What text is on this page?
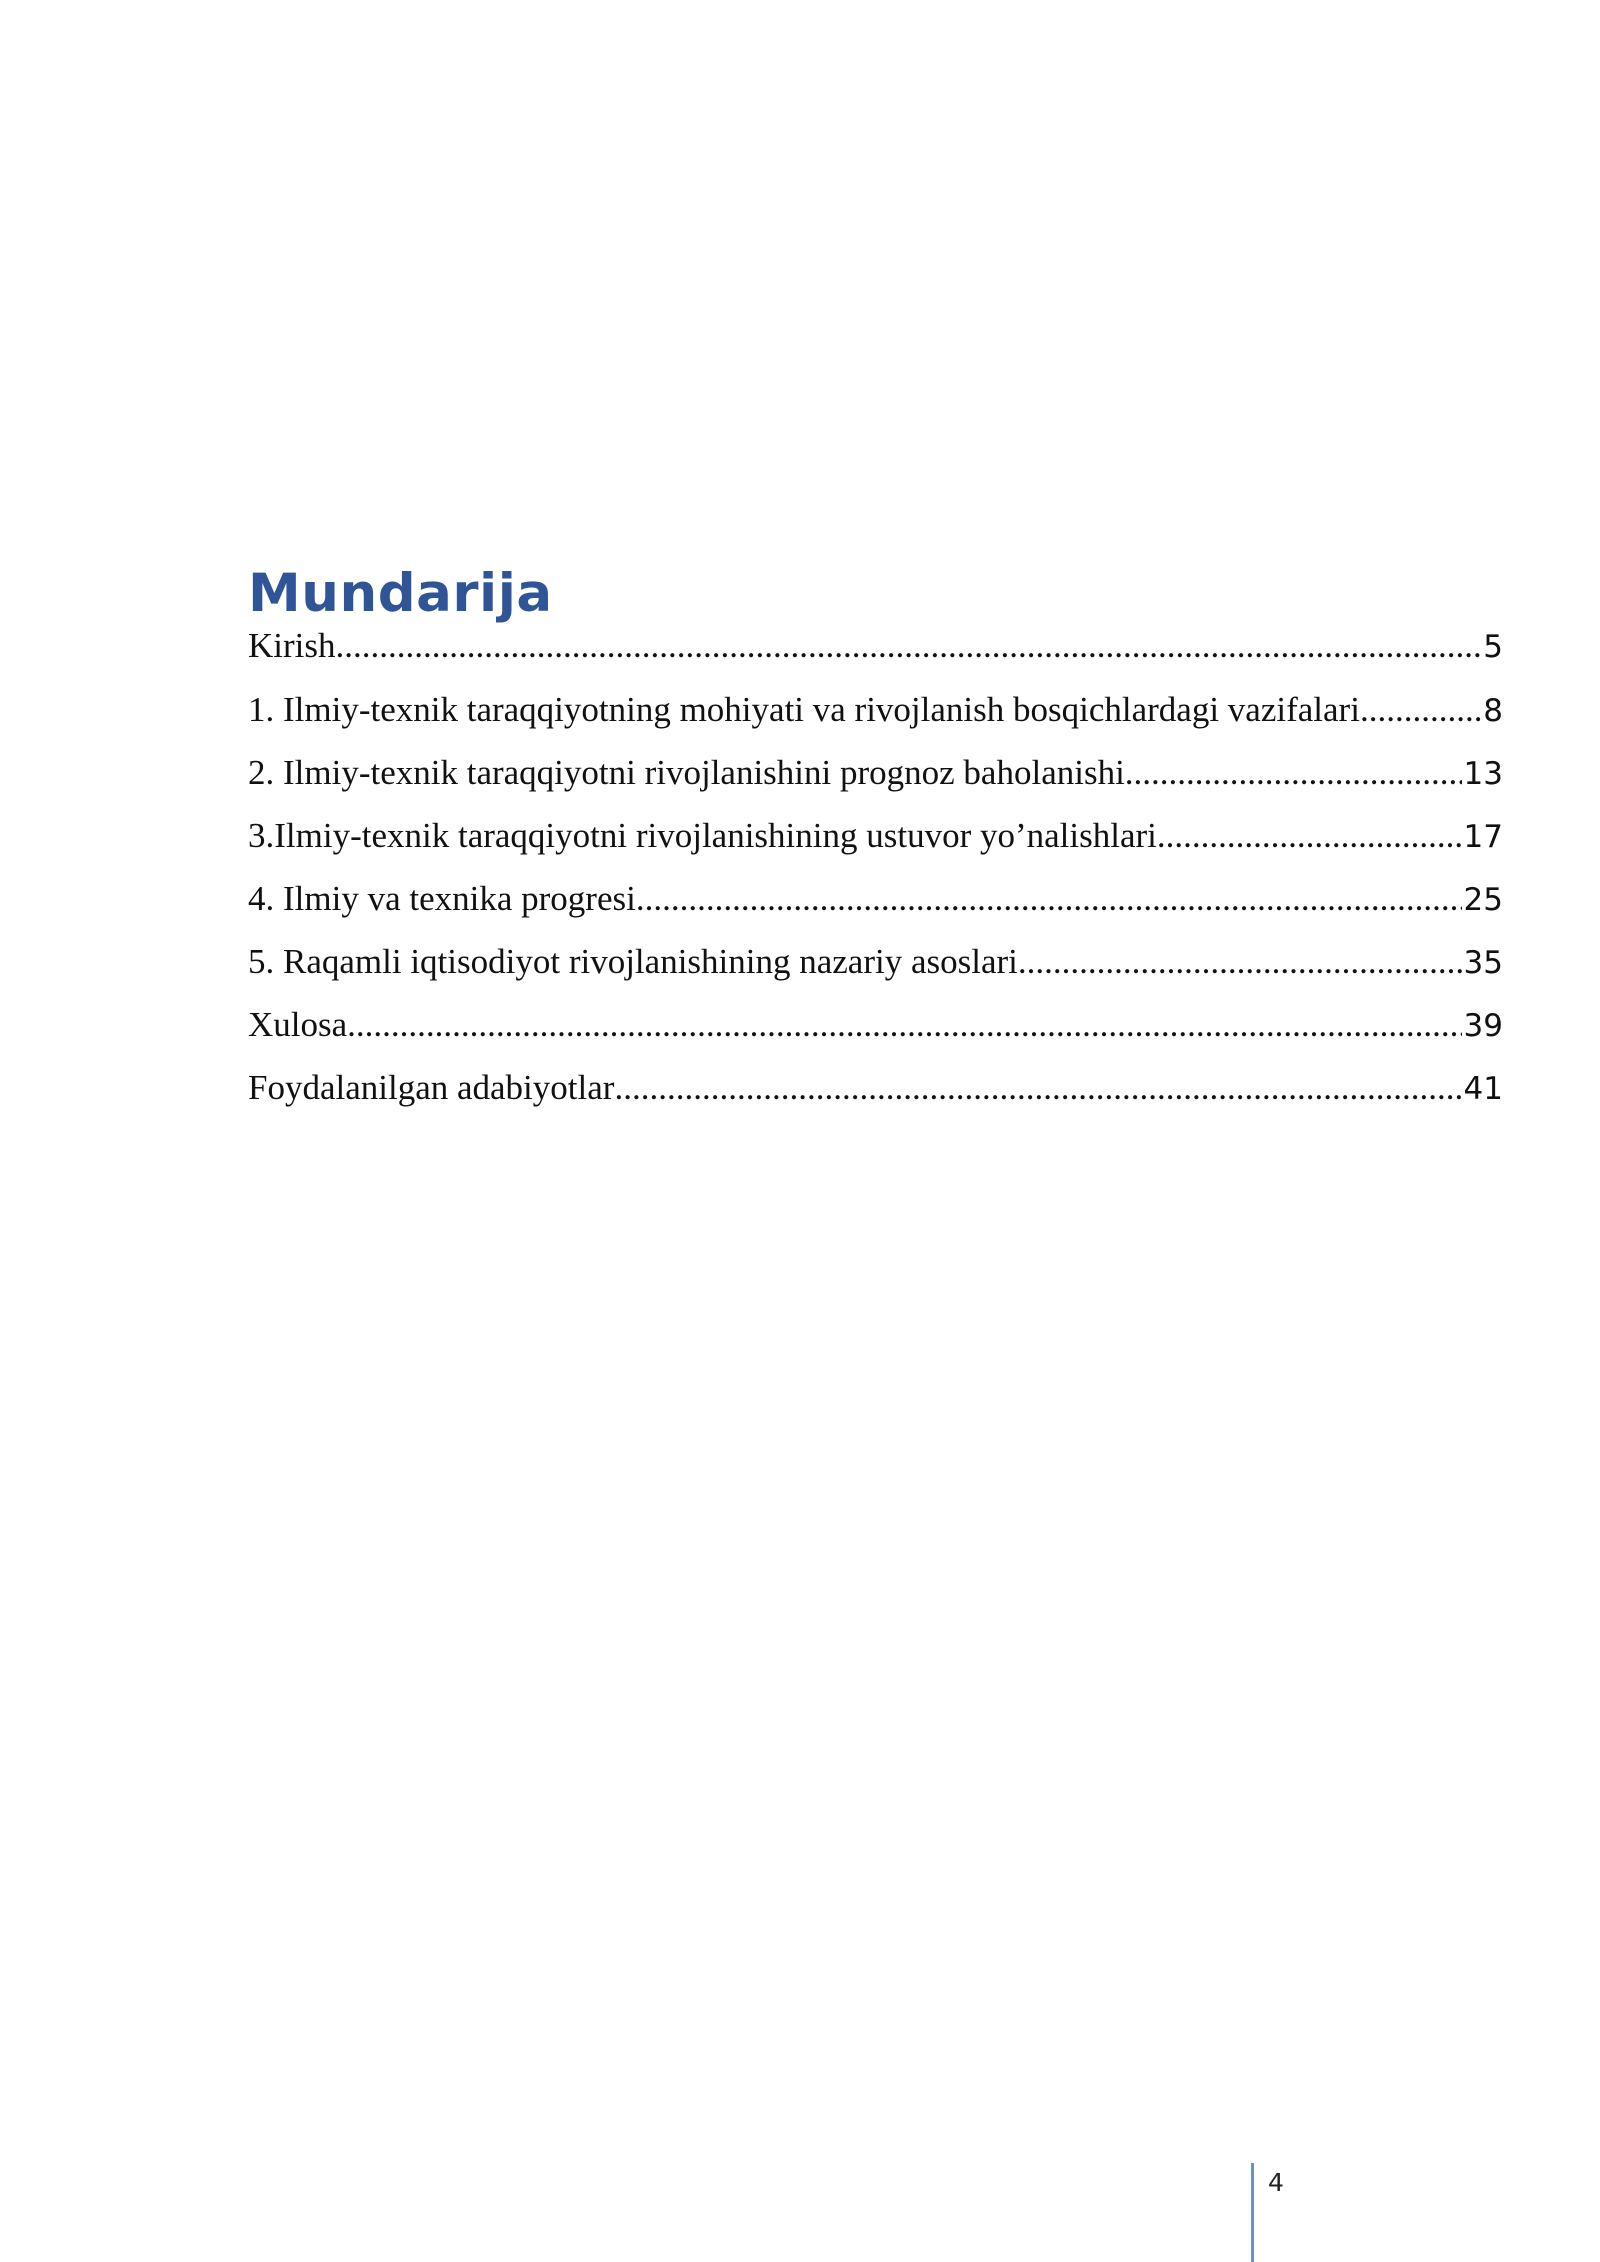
Mundarija
Kirish .....	5
1. Ilmiy-texnik taraqqiyotning mohiyati va rivojlanish bosqichlardagi vazifalari .....	8
2. Ilmiy-texnik taraqqiyotni rivojlanishini prognoz baholanishi .....	13
3.Ilmiy-texnik taraqqiyotni rivojlanishining ustuvor yo’nalishlari .....	17
4. Ilmiy va texnika progresi .....	25
5. Raqamli iqtisodiyot rivojlanishining nazariy asoslari .....	35
Xulosa .....	39
Foydalanilgan adabiyotlar .....	41
4
